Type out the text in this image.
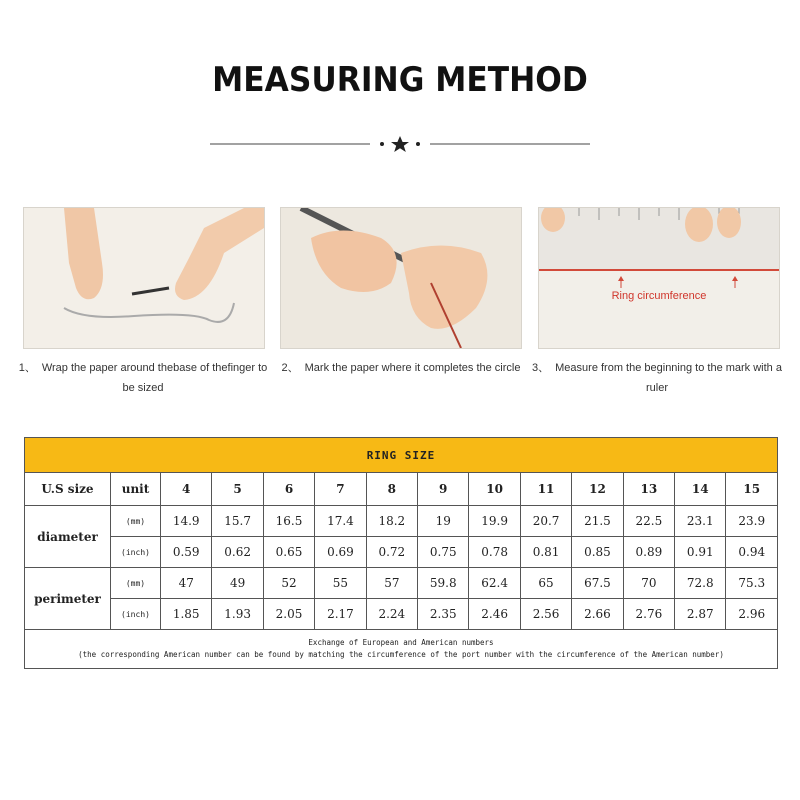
MEASURING METHOD
1、 Wrap the paper around thebase of thefinger to be sized
2、 Mark the paper where it completes the circle
Ring circumference
3、 Measure from the beginning to the mark with a ruler
RING SIZE													
U.S size	unit	4	5	6	7	8	9	10	11	12	13	14	15
diameter	(mm)	14.9	15.7	16.5	17.4	18.2	19	19.9	20.7	21.5	22.5	23.1	23.9
	(inch)	0.59	0.62	0.65	0.69	0.72	0.75	0.78	0.81	0.85	0.89	0.91	0.94
perimeter	(mm)	47	49	52	55	57	59.8	62.4	65	67.5	70	72.8	75.3
	(inch)	1.85	1.93	2.05	2.17	2.24	2.35	2.46	2.56	2.66	2.76	2.87	2.96

Exchange of European and American numbers
(the corresponding American number can be found by matching the circumference of the port number with the circumference of the American number)													
